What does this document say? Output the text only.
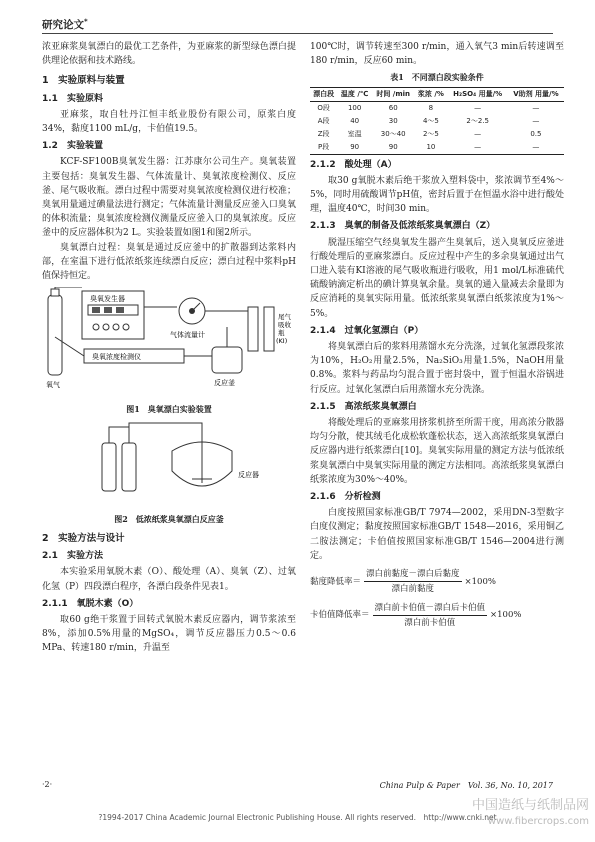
研究论文*

浓亚麻浆臭氧漂白的最优工艺条件，为亚麻浆的新型绿色漂白提供理论依据和技术路线。

1　实验原料与装置
1.1　实验原料

亚麻浆，取自牡丹江恒丰纸业股份有限公司，原浆白度34%，黏度1100 mL/g，卡伯值19.5。

1.2　实验装置

KCF-SF100B臭氧发生器：江苏康尔公司生产。臭氧装置主要包括：臭氧发生器、气体流量计、臭氧浓度检测仪、反应釜、尾气吸收瓶。漂白过程中需要对臭氧浓度检测仪进行校准；臭氧用量通过碘量法进行测定；气体流量计测量反应釜入口臭氧的体积流量；臭氧浓度检测仪测量反应釜入口的臭氧浓度。反应釜中的反应器体积为2 L。实验装置如图1和图2所示。

臭氧漂白过程：臭氧是通过反应釜中的扩散器到达浆料内部，在室温下进行低浓纸浆连续漂白反应；漂白过程中浆料pH值保持恒定。

氧气
臭氧发生器
气体流量计
尾气吸收瓶(KI)
臭氧浓度检测仪
反应釜
图1　臭氧漂白实验装置
反应器
图2　低浓纸浆臭氧漂白反应釜
2　实验方法与设计
2.1　实验方法

本实验采用氧脱木素（O）、酸处理（A）、臭氧（Z）、过氧化氢（P）四段漂白程序，各漂白段条件见表1。

2.1.1　氧脱木素（O）

取60 g绝干浆置于回转式氧脱木素反应器内，调节浆浓至8%，添加0.5%用量的MgSO₄，调节反应器压力0.5～0.6 MPa、转速180 r/min，升温至

100℃时，调节转速至300 r/min，通入氧气3 min后转速调至180 r/min，反应60 min。

表1　不同漂白段实验条件
漂白段	温度 /℃	时间 /min	浆浓 /%	H₂SO₄ 用量/%	V助剂 用量/%
O段	100	60	8	—	—
A段	40	30	4～5	2～2.5	—
Z段	室温	30～40	2～5	—	0.5
P段	90	90	10	—	—
2.1.2　酸处理（A）

取30 g氧脱木素后绝干浆放入塑料袋中，浆浓调节至4%～5%，同时用硫酸调节pH值，密封后置于在恒温水浴中进行酸处理，温度40℃，时间30 min。

2.1.3　臭氧的制备及低浓纸浆臭氧漂白（Z）

脱湿压缩空气经臭氧发生器产生臭氧后，送入臭氧反应釜进行酸处理后的亚麻浆漂白。反应过程中产生的多余臭氧通过出气口进入装有KI溶液的尾气吸收瓶进行吸收，用1 mol/L标准硫代硫酸钠滴定析出的碘计算臭氧余量。臭氧的通入量减去余量即为反应消耗的臭氧实际用量。低浓纸浆臭氧漂白纸浆浓度为1%～5%。

2.1.4　过氧化氢漂白（P）

将臭氧漂白后的浆料用蒸馏水充分洗涤，过氧化氢漂段浆浓为10%，H₂O₂用量2.5%，Na₂SiO₃用量1.5%，NaOH用量0.8%。浆料与药品均匀混合置于密封袋中，置于恒温水浴锅进行反应。过氧化氢漂白后用蒸馏水充分洗涤。

2.1.5　高浓纸浆臭氧漂白

将酸处理后的亚麻浆用挤浆机挤至所需干度，用高浓分散器均匀分散，使其绒毛化成松软蓬松状态，送入高浓纸浆臭氧漂白反应器内进行纸浆漂白[10]。臭氧实际用量的测定方法与低浓纸浆臭氧漂白中臭氧实际用量的测定方法相同。高浓纸浆臭氧漂白纸浆浓度为30%～40%。

2.1.6　分析检测

白度按照国家标准GB/T 7974—2002，采用DN-3型数字白度仪测定；黏度按照国家标准GB/T 1548—2016，采用铜乙二胺法测定；卡伯值按照国家标准GB/T 1546—2004进行测定。

黏度降低率＝ $\frac{\text{漂白前黏度－漂白后黏度}}{\text{漂白前黏度}} \times 100\%$
卡伯值降低率＝ $\frac{\text{漂白前卡伯值－漂白后卡伯值}}{\text{漂白前卡伯值}} \times 100\%$
·2·	China Pulp & Paper　Vol. 36, No. 10, 2017
?1994-2017 China Academic Journal Electronic Publishing House. All rights reserved.　http://www.cnki.net
中国造纸与纸制品网
www.fibercrops.com
